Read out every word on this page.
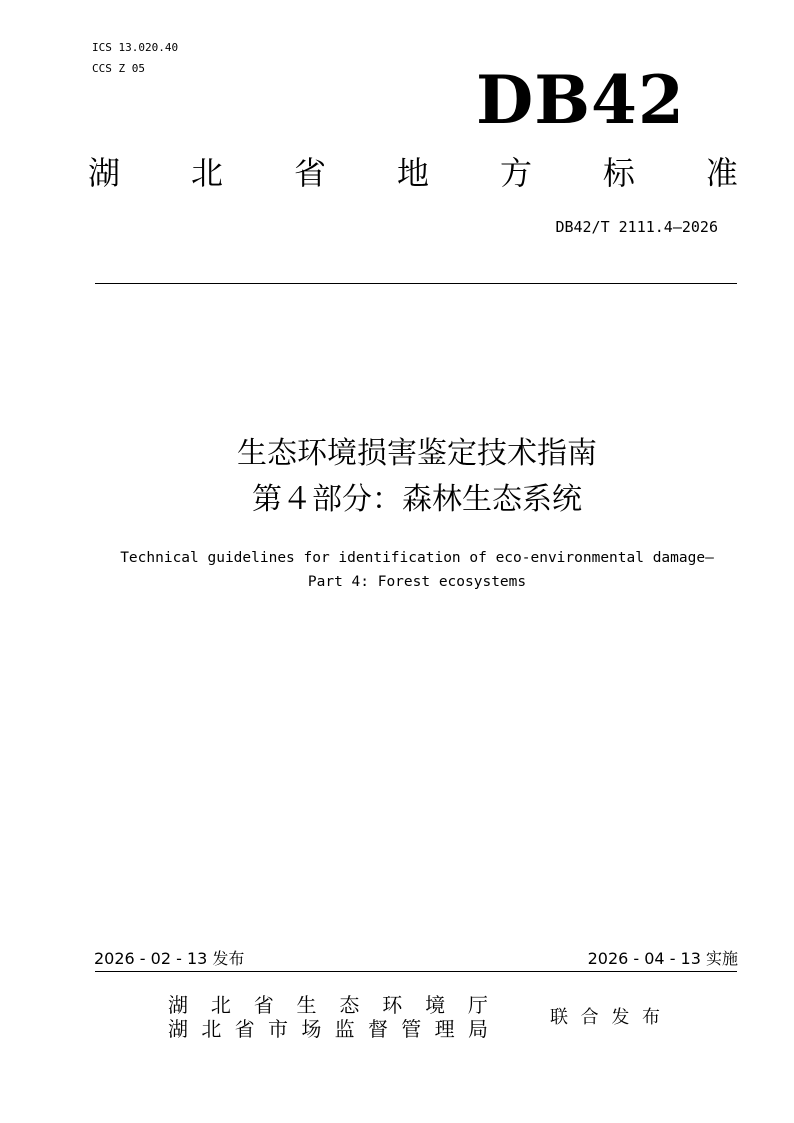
ICS 13.020.40
CCS Z 05	DB42
湖 北 省 地 方 标 准
DB42/T 2111.4—2026
生态环境损害鉴定技术指南
第４部分：森林生态系统
Technical guidelines for identification of eco-environmental damage—
Part 4: Forest ecosystems
2026 - 02 - 13 发布	2026 - 04 - 13 实施
湖 北 省 生 态 环 境 厅
湖 北 省 市 场 监 督 管 理 局	联 合 发 布
